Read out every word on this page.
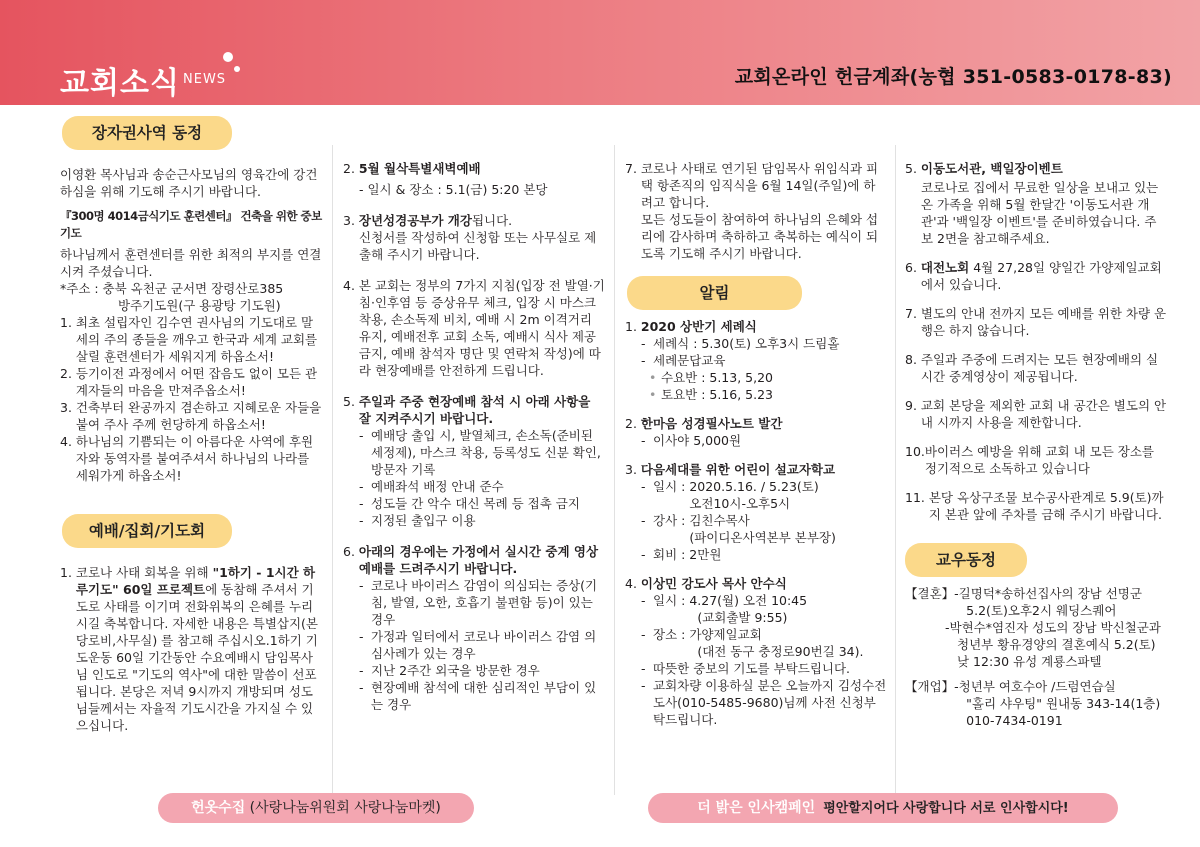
교회소식 NEWS	교회온라인 헌금계좌(농협 351-0583-0178-83)
장자권사역 동정

이영환 목사님과 송순근사모님의 영육간에 강건하심을 위해 기도해 주시기 바랍니다.

『300명 4014금식기도 훈련센터』 건축을 위한 중보기도

하나님께서 훈련센터를 위한 최적의 부지를 연결시켜 주셨습니다.

*주소 : 충북 옥천군 군서면 장령산로385

방주기도원(구 용광탕 기도원)

1. 최초 설립자인 김수연 권사님의 기도대로 말세의 주의 종들을 깨우고 한국과 세계 교회를 살릴 훈련센터가 세워지게 하옵소서!
2. 등기이전 과정에서 어떤 잡음도 없이 모든 관계자들의 마음을 만져주옵소서!
3. 건축부터 완공까지 겸손하고 지혜로운 자들을 붙여 주사 주께 헌당하게 하옵소서!
4. 하나님의 기쁨되는 이 아름다운 사역에 후원자와 동역자를 붙여주셔서 하나님의 나라를 세워가게 하옵소서!
예배/집회/기도회
1. 코로나 사태 회복을 위해 "1하기 - 1시간 하루기도" 60일 프로젝트에 동참해 주셔서 기도로 사태를 이기며 전화위복의 은혜를 누리시길 축복합니다. 자세한 내용은 특별삽지(본당로비,사무실) 를 참고해 주십시오.1하기 기도운동 60일 기간동안 수요예배시 담임목사님 인도로 "기도의 역사"에 대한 말씀이 선포됩니다. 본당은 저녁 9시까지 개방되며 성도님들께서는 자율적 기도시간을 가지실 수 있으십니다.
2. 5월 월삭특별새벽예배

- 일시 & 장소 : 5.1(금) 5:20 본당

3. 장년성경공부가 개강됩니다.

신청서를 작성하여 신청함 또는 사무실로 제출해 주시기 바랍니다.

4. 본 교회는 정부의 7가지 지침(입장 전 발열·기침·인후염 등 증상유무 체크, 입장 시 마스크 착용, 손소독제 비치, 예배 시 2m 이격거리 유지, 예배전후 교회 소독, 예배시 식사 제공 금지, 예배 참석자 명단 및 연락처 작성)에 따라 현장예배를 안전하게 드립니다.
5. 주일과 주중 현장예배 참석 시 아래 사항을 잘 지켜주시기 바랍니다.
- 예배당 출입 시, 발열체크, 손소독(준비된 세정제), 마스크 착용, 등록성도 신분 확인, 방문자 기록
- 예배좌석 배정 안내 준수
- 성도들 간 악수 대신 목례 등 접촉 금지
- 지정된 출입구 이용
6. 아래의 경우에는 가정에서 실시간 중계 영상예배를 드려주시기 바랍니다.
- 코로나 바이러스 감염이 의심되는 증상(기침, 발열, 오한, 호흡기 불편함 등)이 있는 경우
- 가정과 일터에서 코로나 바이러스 감염 의심사례가 있는 경우
- 지난 2주간 외국을 방문한 경우
- 현장예배 참석에 대한 심리적인 부담이 있는 경우
7. 코로나 사태로 연기된 담임목사 위임식과 피택 항존직의 임직식을 6월 14일(주일)에 하려고 합니다.
모든 성도들이 참여하여 하나님의 은혜와 섭리에 감사하며 축하하고 축복하는 예식이 되도록 기도해 주시기 바랍니다.
알림
1. 2020 상반기 세례식
- 세례식 : 5.30(토) 오후3시 드림홀
- 세례문답교육
• 수요반 : 5.13, 5,20
• 토요반 : 5.16, 5.23
2. 한마음 성경필사노트 발간
- 이사야 5,000원
3. 다음세대를 위한 어린이 설교자학교
- 일시 : 2020.5.16. / 5.23(토)
오전10시-오후5시
- 강사 : 김친수목사
(파이디온사역본부 본부장)
- 회비 : 2만원
4. 이상민 강도사 목사 안수식
- 일시 : 4.27(월) 오전 10:45
(교회출발 9:55)
- 장소 : 가양제일교회
(대전 동구 충정로90번길 34).
- 따뜻한 중보의 기도를 부탁드립니다.
- 교회차량 이용하실 분은 오늘까지 김성수전도사(010-5485-9680)님께 사전 신청부탁드립니다.
5. 이동도서관, 백일장이벤트

코로나로 집에서 무료한 일상을 보내고 있는 온 가족을 위해 5월 한달간 '이동도서관 개관'과 '백일장 이벤트'를 준비하였습니다. 주보 2면을 참고해주세요.

6. 대전노회 4월 27,28일 양일간 가양제일교회에서 있습니다.
7. 별도의 안내 전까지 모든 예배를 위한 차량 운행은 하지 않습니다.
8. 주일과 주중에 드려지는 모든 현장예배의 실시간 중계영상이 제공됩니다.
9. 교회 본당을 제외한 교회 내 공간은 별도의 안내 시까지 사용을 제한합니다.
10. 바이러스 예방을 위해 교회 내 모든 장소를 정기적으로 소독하고 있습니다
11. 본당 옥상구조물 보수공사관계로 5.9(토)까지 본관 앞에 주차를 금해 주시기 바랍니다.
교우동정
【결혼】 -길명덕*송하선집사의 장남 선명군
5.2(토)오후2시 웨딩스퀘어

-박현수*염진자 성도의 장남 박신철군과

청년부 황유경양의 결혼예식 5.2(토)

낮 12:30 유성 계룡스파텔

【개업】 -청년부 여호수아 /드럼연습실
"홀리 샤우팅" 원내동 343-14(1층)
010-7434-0191
헌옷수집 (사랑나눔위원회 사랑나눔마켓)	더 밝은 인사캠페인 평안할지어다 사랑합니다 서로 인사합시다!
